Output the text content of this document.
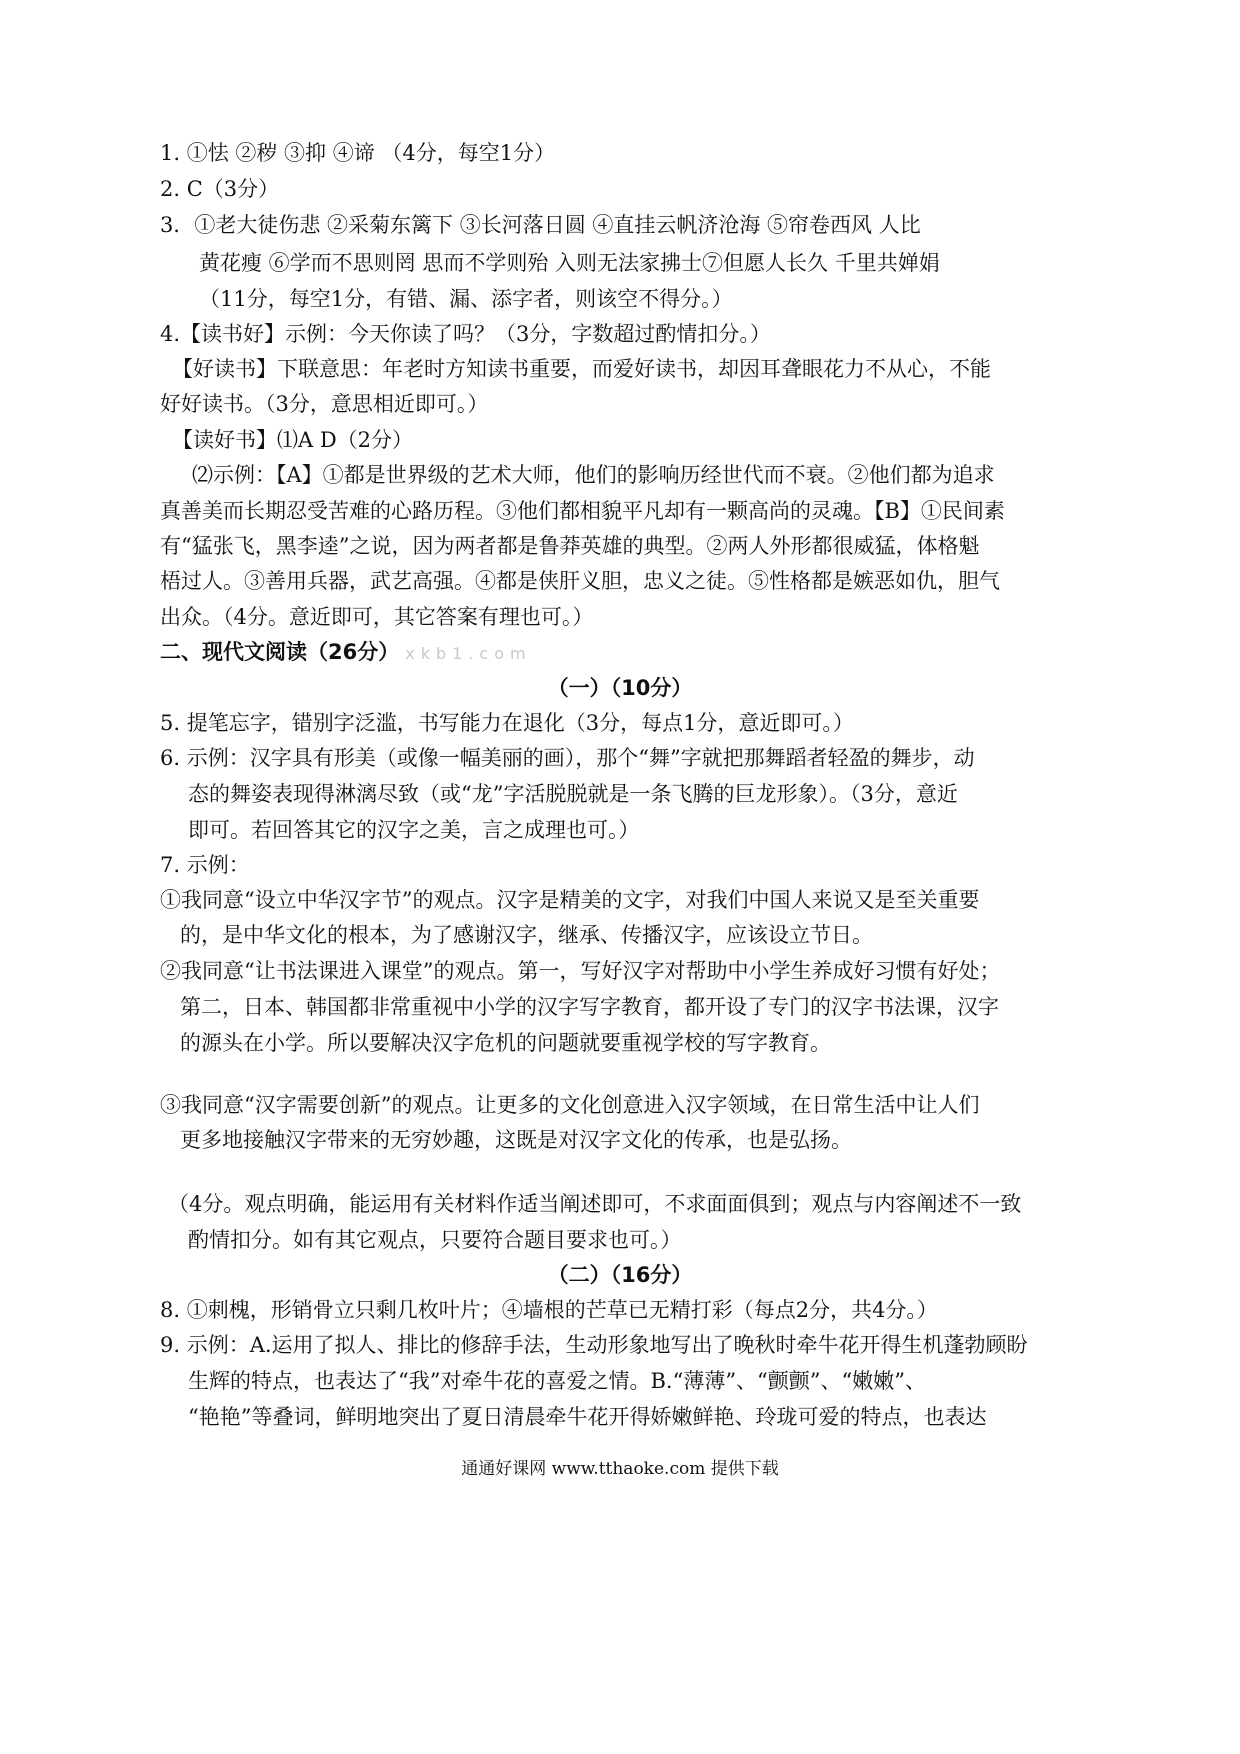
1. ①怯 ②秽 ③抑 ④谛 （4分，每空1分）
2. C（3分）
3．①老大徒伤悲 ②采菊东篱下 ③长河落日圆 ④直挂云帆济沧海 ⑤帘卷西风 人比
黄花瘦 ⑥学而不思则罔 思而不学则殆 入则无法家拂士⑦但愿人长久 千里共婵娟
（11分，每空1分，有错、漏、添字者，则该空不得分。）
4.【读书好】示例：今天你读了吗？（3分，字数超过酌情扣分。）
【好读书】下联意思：年老时方知读书重要，而爱好读书，却因耳聋眼花力不从心，不能
好好读书。（3分，意思相近即可。）
【读好书】⑴A D（2分）
⑵示例：【A】①都是世界级的艺术大师，他们的影响历经世代而不衰。②他们都为追求
真善美而长期忍受苦难的心路历程。③他们都相貌平凡却有一颗高尚的灵魂。【B】①民间素
有“猛张飞，黑李逵”之说，因为两者都是鲁莽英雄的典型。②两人外形都很威猛，体格魁
梧过人。③善用兵器，武艺高强。④都是侠肝义胆，忠义之徒。⑤性格都是嫉恶如仇，胆气
出众。（4分。意近即可，其它答案有理也可。）
二、现代文阅读（26分） xkb1.com
（一）（10分）
5. 提笔忘字，错别字泛滥，书写能力在退化（3分，每点1分，意近即可。）
6. 示例：汉字具有形美（或像一幅美丽的画），那个“舞”字就把那舞蹈者轻盈的舞步，动
态的舞姿表现得淋漓尽致（或“龙”字活脱脱就是一条飞腾的巨龙形象）。（3分，意近
即可。若回答其它的汉字之美，言之成理也可。）
7. 示例：
①我同意“设立中华汉字节”的观点。汉字是精美的文字，对我们中国人来说又是至关重要
的，是中华文化的根本，为了感谢汉字，继承、传播汉字，应该设立节日。
②我同意“让书法课进入课堂”的观点。第一，写好汉字对帮助中小学生养成好习惯有好处；
第二，日本、韩国都非常重视中小学的汉字写字教育，都开设了专门的汉字书法课，汉字
的源头在小学。所以要解决汉字危机的问题就要重视学校的写字教育。
③我同意“汉字需要创新”的观点。让更多的文化创意进入汉字领域，在日常生活中让人们
更多地接触汉字带来的无穷妙趣，这既是对汉字文化的传承，也是弘扬。
（4分。观点明确，能运用有关材料作适当阐述即可，不求面面俱到；观点与内容阐述不一致
酌情扣分。如有其它观点，只要符合题目要求也可。）
（二）（16分）
8. ①刺槐，形销骨立只剩几枚叶片；④墙根的芒草已无精打彩（每点2分，共4分。）
9. 示例：A.运用了拟人、排比的修辞手法，生动形象地写出了晚秋时牵牛花开得生机蓬勃顾盼
生辉的特点，也表达了“我”对牵牛花的喜爱之情。B.“薄薄”、“颤颤”、“嫩嫩”、
“艳艳”等叠词，鲜明地突出了夏日清晨牵牛花开得娇嫩鲜艳、玲珑可爱的特点，也表达
通通好课网 www.tthaoke.com 提供下载
